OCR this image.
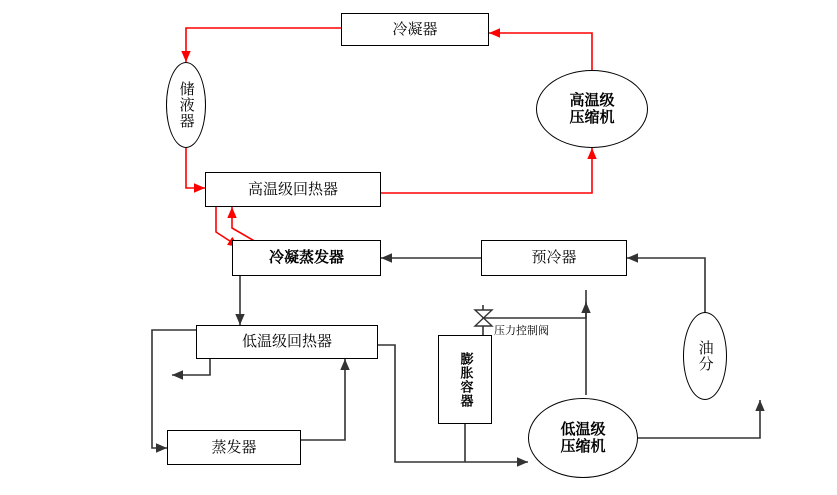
冷凝器
储液器	高温级
压缩机
高温级回热器
冷凝蒸发器	预冷器
低温级回热器
膨胀容器	油分
蒸发器
低温级
压缩机
压力控制阀
